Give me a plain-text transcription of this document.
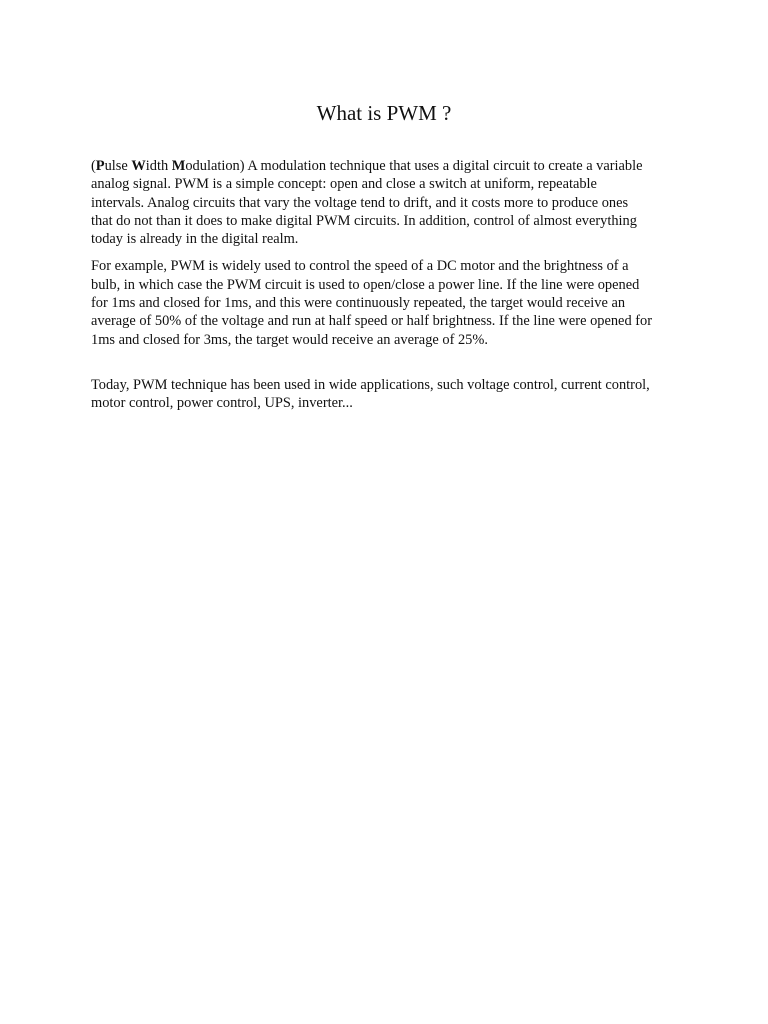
What is PWM ?

(Pulse Width Modulation) A modulation technique that uses a digital circuit to create a variable
analog signal. PWM is a simple concept: open and close a switch at uniform, repeatable
intervals. Analog circuits that vary the voltage tend to drift, and it costs more to produce ones
that do not than it does to make digital PWM circuits. In addition, control of almost everything
today is already in the digital realm.

For example, PWM is widely used to control the speed of a DC motor and the brightness of a
bulb, in which case the PWM circuit is used to open/close a power line. If the line were opened
for 1ms and closed for 1ms, and this were continuously repeated, the target would receive an
average of 50% of the voltage and run at half speed or half brightness. If the line were opened for
1ms and closed for 3ms, the target would receive an average of 25%.

Today, PWM technique has been used in wide applications, such voltage control, current control,
motor control, power control, UPS, inverter...
